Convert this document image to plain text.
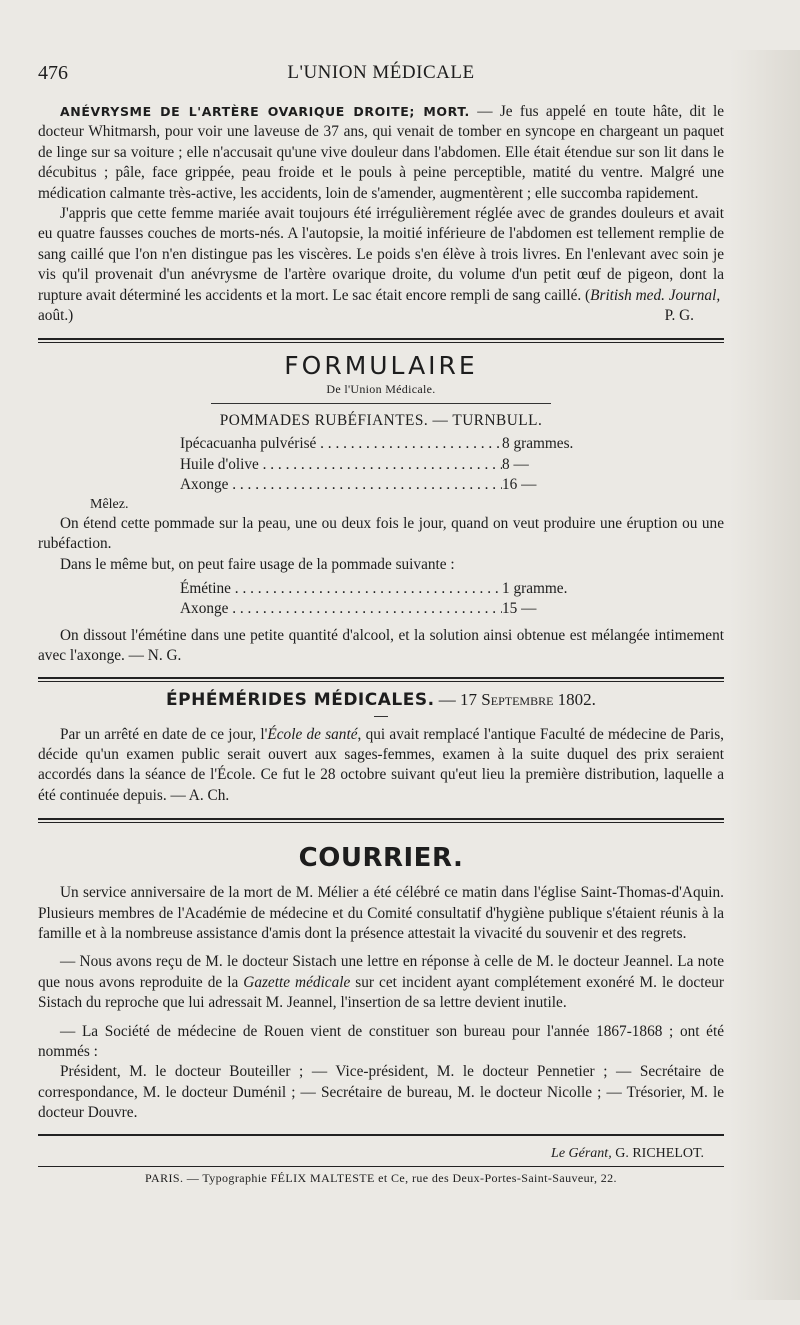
476	L'UNION MÉDICALE

ANÉVRYSME DE L'ARTÈRE OVARIQUE DROITE; MORT. — Je fus appelé en toute hâte, dit le docteur Whitmarsh, pour voir une laveuse de 37 ans, qui venait de tomber en syncope en chargeant un paquet de linge sur sa voiture ; elle n'accusait qu'une vive douleur dans l'abdomen. Elle était étendue sur son lit dans le décubitus ; pâle, face grippée, peau froide et le pouls à peine perceptible, matité du ventre. Malgré une médication calmante très-active, les accidents, loin de s'amender, augmentèrent ; elle succomba rapidement.

J'appris que cette femme mariée avait toujours été irrégulièrement réglée avec de grandes douleurs et avait eu quatre fausses couches de morts-nés. A l'autopsie, la moitié inférieure de l'abdomen est tellement remplie de sang caillé que l'on n'en distingue pas les viscères. Le poids s'en élève à trois livres. En l'enlevant avec soin je vis qu'il provenait d'un anévrysme de l'artère ovarique droite, du volume d'un petit œuf de pigeon, dont la rupture avait déterminé les accidents et la mort. Le sac était encore rempli de sang caillé. (British med. Journal,

août.)	P. G.

FORMULAIRE
De l'Union Médicale.
POMMADES RUBÉFIANTES. — TURNBULL.
Ipécacuanha pulvérisé . . .	8 grammes.
Huile d'olive . . .	8 —
Axonge . . .	16 —

Mêlez.

On étend cette pommade sur la peau, une ou deux fois le jour, quand on veut produire une éruption ou une rubéfaction.

Dans le même but, on peut faire usage de la pommade suivante :

Émétine . . .	1 gramme.
Axonge . . .	15 —

On dissout l'émétine dans une petite quantité d'alcool, et la solution ainsi obtenue est mélangée intimement avec l'axonge. — N. G.

ÉPHÉMÉRIDES MÉDICALES. — 17 Septembre 1802.

Par un arrêté en date de ce jour, l'École de santé, qui avait remplacé l'antique Faculté de médecine de Paris, décide qu'un examen public serait ouvert aux sages-femmes, examen à la suite duquel des prix seraient accordés dans la séance de l'École. Ce fut le 28 octobre suivant qu'eut lieu la première distribution, laquelle a été continuée depuis. — A. Ch.

COURRIER.

Un service anniversaire de la mort de M. Mélier a été célébré ce matin dans l'église Saint-Thomas-d'Aquin. Plusieurs membres de l'Académie de médecine et du Comité consultatif d'hygiène publique s'étaient réunis à la famille et à la nombreuse assistance d'amis dont la présence attestait la vivacité du souvenir et des regrets.

— Nous avons reçu de M. le docteur Sistach une lettre en réponse à celle de M. le docteur Jeannel. La note que nous avons reproduite de la Gazette médicale sur cet incident ayant complétement exonéré M. le docteur Sistach du reproche que lui adressait M. Jeannel, l'insertion de sa lettre devient inutile.

— La Société de médecine de Rouen vient de constituer son bureau pour l'année 1867-1868 ; ont été nommés :

Président, M. le docteur Bouteiller ; — Vice-président, M. le docteur Pennetier ; — Secrétaire de correspondance, M. le docteur Duménil ; — Secrétaire de bureau, M. le docteur Nicolle ; — Trésorier, M. le docteur Douvre.

Le Gérant,
G. RICHELOT.
PARIS. — Typographie FÉLIX MALTESTE et Ce, rue des Deux-Portes-Saint-Sauveur, 22.
